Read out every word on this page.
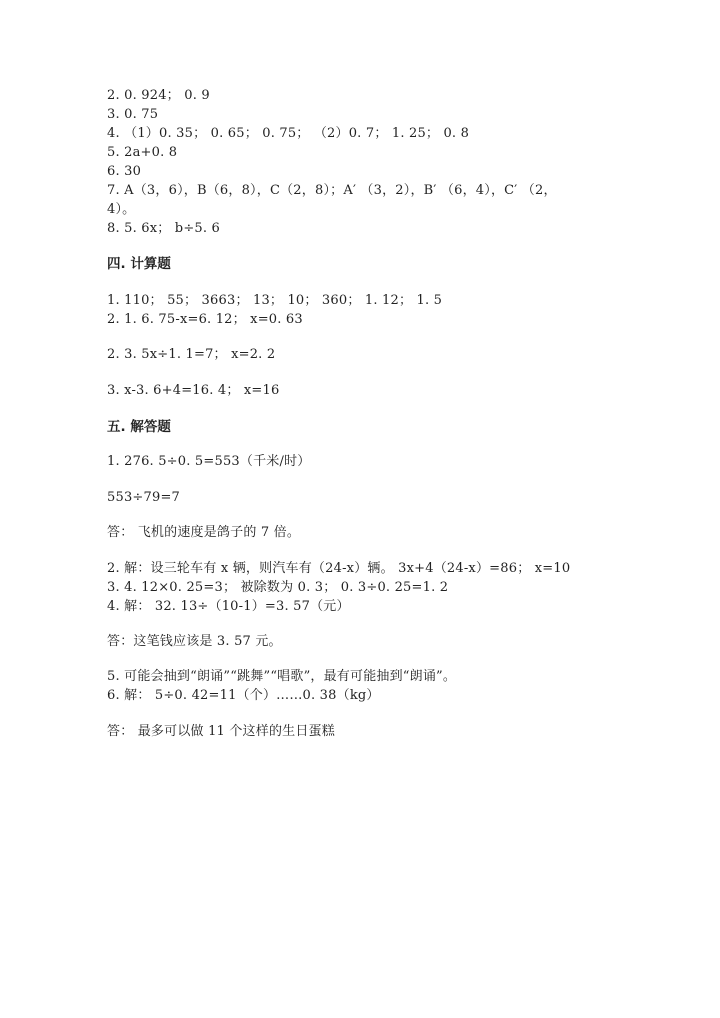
2. 0. 924； 0. 9
3. 0. 75
4. （1）0. 35； 0. 65； 0. 75； （2）0. 7； 1. 25； 0. 8
5. 2a+0. 8
6. 30
7. A（3，6），B（6，8），C（2，8）；A′ （3，2），B′ （6，4），C′ （2，
4）。
8. 5. 6x； b÷5. 6
四. 计算题
1. 110； 55； 3663； 13； 10； 360； 1. 12； 1. 5
2. 1. 6. 75-x=6. 12； x=0. 63
2. 3. 5x÷1. 1=7； x=2. 2
3. x-3. 6+4=16. 4； x=16
五. 解答题
1. 276. 5÷0. 5=553（千米/时）
553÷79=7
答： 飞机的速度是鸽子的 7 倍。
2. 解：设三轮车有 x 辆，则汽车有（24-x）辆。 3x+4（24-x）=86； x=10
3. 4. 12×0. 25=3； 被除数为 0. 3； 0. 3÷0. 25=1. 2
4. 解： 32. 13÷（10-1）=3. 57（元）
答：这笔钱应该是 3. 57 元。
5. 可能会抽到“朗诵”“跳舞”“唱歌”，最有可能抽到“朗诵”。
6. 解： 5÷0. 42=11（个）……0. 38（kg）
答： 最多可以做 11 个这样的生日蛋糕
